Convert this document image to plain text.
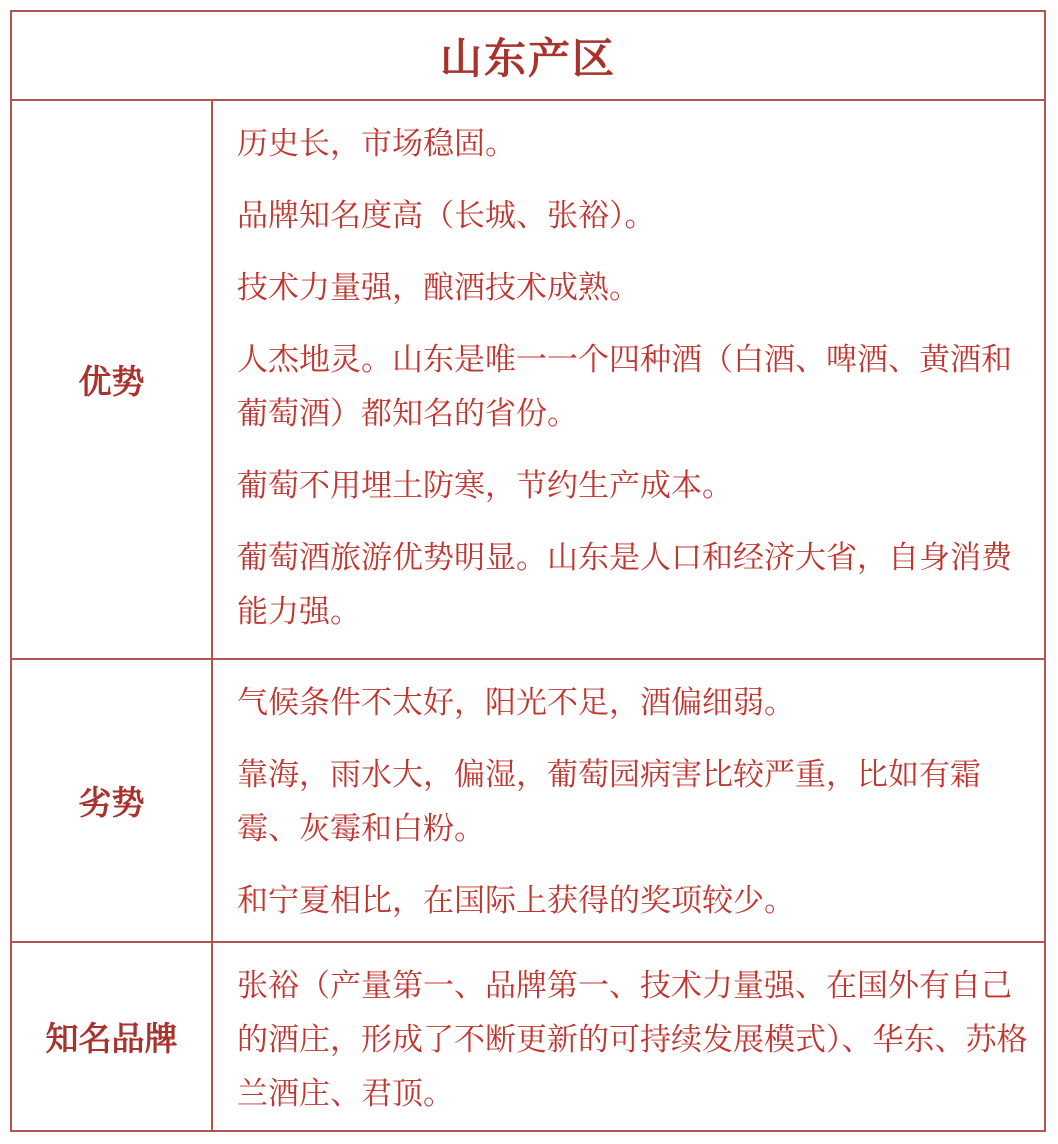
山东产区
优势

历史长，市场稳固。

品牌知名度高（长城、张裕）。

技术力量强，酿酒技术成熟。

人杰地灵。山东是唯一一个四种酒（白酒、啤酒、黄酒和葡萄酒）都知名的省份。

葡萄不用埋土防寒，节约生产成本。

葡萄酒旅游优势明显。山东是人口和经济大省，自身消费能力强。

劣势

气候条件不太好，阳光不足，酒偏细弱。

靠海，雨水大，偏湿，葡萄园病害比较严重，比如有霜霉、灰霉和白粉。

和宁夏相比，在国际上获得的奖项较少。

知名品牌

张裕（产量第一、品牌第一、技术力量强、在国外有自己的酒庄，形成了不断更新的可持续发展模式）、华东、苏格兰酒庄、君顶。
